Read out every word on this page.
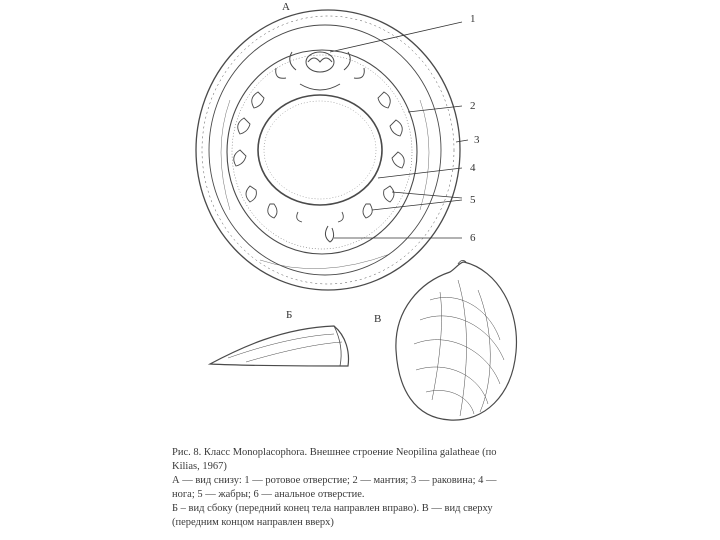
А
1
2
3
4
5
6
Б	В

Рис. 8. Класс Monoplacophora. Внешнее строение Neopilina galatheae (по

Kilias, 1967)

А — вид снизу: 1 — ротовое отверстие; 2 — мантия; 3 — раковина; 4 —

нога; 5 — жабры; 6 — анальное отверстие.

Б – вид сбоку (передний конец тела направлен вправо). В — вид сверху

(передним концом направлен вверх)
